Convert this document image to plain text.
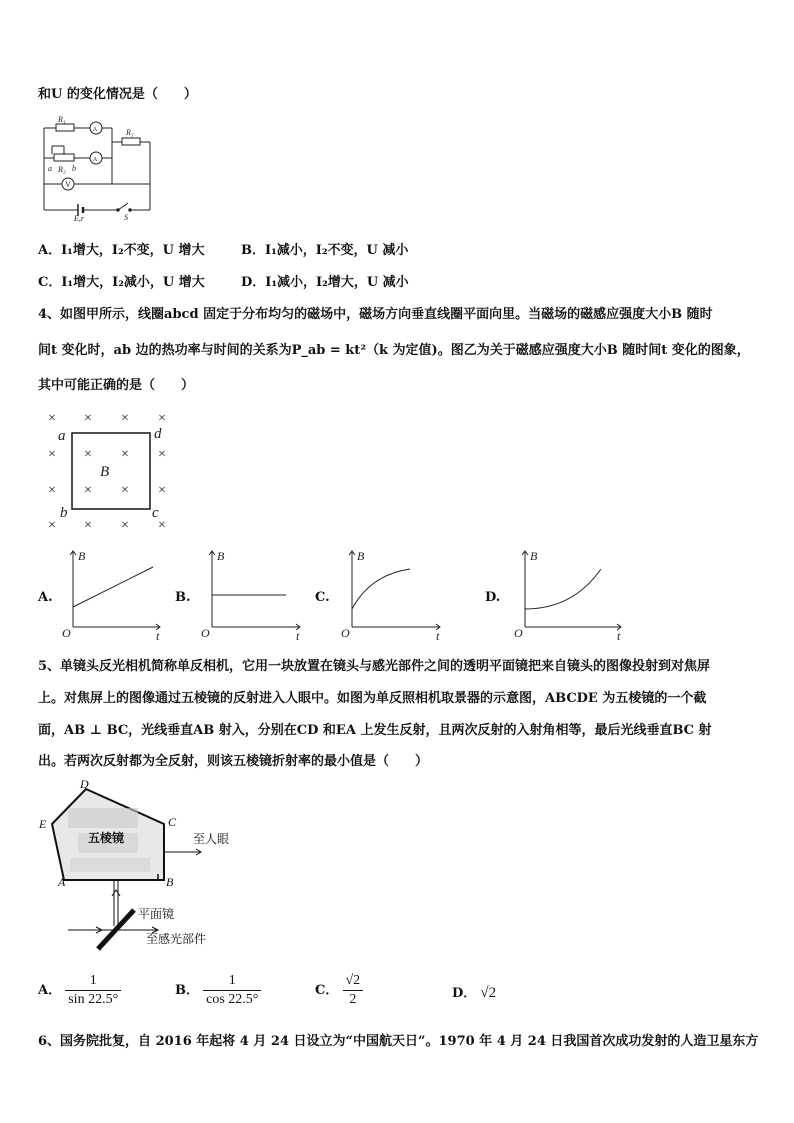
和U 的变化情况是（　　）
A
A
V
R₁
R₃
a R₂ b
E,r	S
A．I₁增大，I₂不变，U 增大	B．I₁减小，I₂不变，U 减小
C．I₁增大，I₂减小，U 增大	D．I₁减小，I₂增大，U 减小
4、如图甲所示，线圈abcd 固定于分布均匀的磁场中，磁场方向垂直线圈平面向里。当磁场的磁感应强度大小B 随时
间t 变化时，ab 边的热功率与时间的关系为P_ab = kt²（k 为定值)。图乙为关于磁感应强度大小B 随时间t 变化的图象，
其中可能正确的是（　　）
× × × ×
× × × ×
× × × ×
× × × ×
a	d
B
b	c
A.
B
t
O
B.
B
t
O
C.
B
t
O
D.
B
t
O
5、单镜头反光相机简称单反相机，它用一块放置在镜头与感光部件之间的透明平面镜把来自镜头的图像投射到对焦屏
上。对焦屏上的图像通过五棱镜的反射进入人眼中。如图为单反照相机取景器的示意图，ABCDE 为五棱镜的一个截
面，AB ⊥ BC，光线垂直AB 射入，分别在CD 和EA 上发生反射，且两次反射的入射角相等，最后光线垂直BC 射
出。若两次反射都为全反射，则该五棱镜折射率的最小值是（　　）
D
E	C
A	B
五棱镜	至人眼
平面镜
至感光部件
A． $\frac{1}{\sin 22.5^\circ}$	B． $\frac{1}{\cos 22.5^\circ}$	C． $\frac{√2}{2}$	D． √2
6、国务院批复，自 2016 年起将 4 月 24 日设立为“中国航天日”。1970 年 4 月 24 日我国首次成功发射的人造卫星东方
